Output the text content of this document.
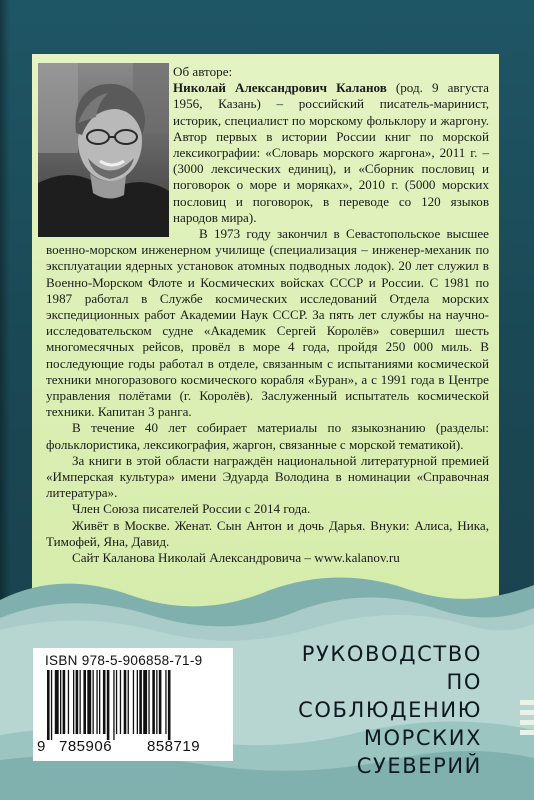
Об авторе:

Николай Александрович Каланов (род. 9 августа 1956, Казань) – российский писатель-маринист, историк, специалист по морскому фольклору и жаргону. Автор первых в истории России книг по морской лексикографии: «Словарь морского жаргона», 2011 г. – (3000 лексических единиц), и «Сборник пословиц и поговорок о море и моряках», 2010 г. (5000 морских пословиц и поговорок, в переводе со 120 языков народов мира).

В 1973 году закончил в Севастопольское высшее военно-морском инженерном училище (специализация – инженер-механик по эксплуатации ядерных установок атомных подводных лодок). 20 лет служил в Военно-Морском Флоте и Космических войсках СССР и России. С 1981 по 1987 работал в Службе космических исследований Отдела морских экспедиционных работ Академии Наук СССР. За пять лет службы на научно-исследовательском судне «Академик Сергей Королёв» совершил шесть многомесячных рейсов, провёл в море 4 года, пройдя 250 000 миль. В последующие годы работал в отделе, связанным с испытаниями космической техники многоразового космического корабля «Буран», а с 1991 года в Центре управления полётами (г. Королёв). Заслуженный испытатель космической техники. Капитан 3 ранга.

В течение 40 лет собирает материалы по языкознанию (разделы: фольклористика, лексикография, жаргон, связанные с морской тематикой).

За книги в этой области награждён национальной литературной премией «Имперская культура» имени Эдуарда Володина в номинации «Справочная литература».

Член Союза писателей России с 2014 года.

Живёт в Москве. Женат. Сын Антон и дочь Дарья. Внуки: Алиса, Ника, Тимофей, Яна, Давид.

Сайт Каланова Николай Александровича – www.kalanov.ru

ISBN 978-5-906858-71-9
9 785906 858719
РУКОВОДСТВО
ПО СОБЛЮДЕНИЮ
МОРСКИХ
СУЕВЕРИЙ
